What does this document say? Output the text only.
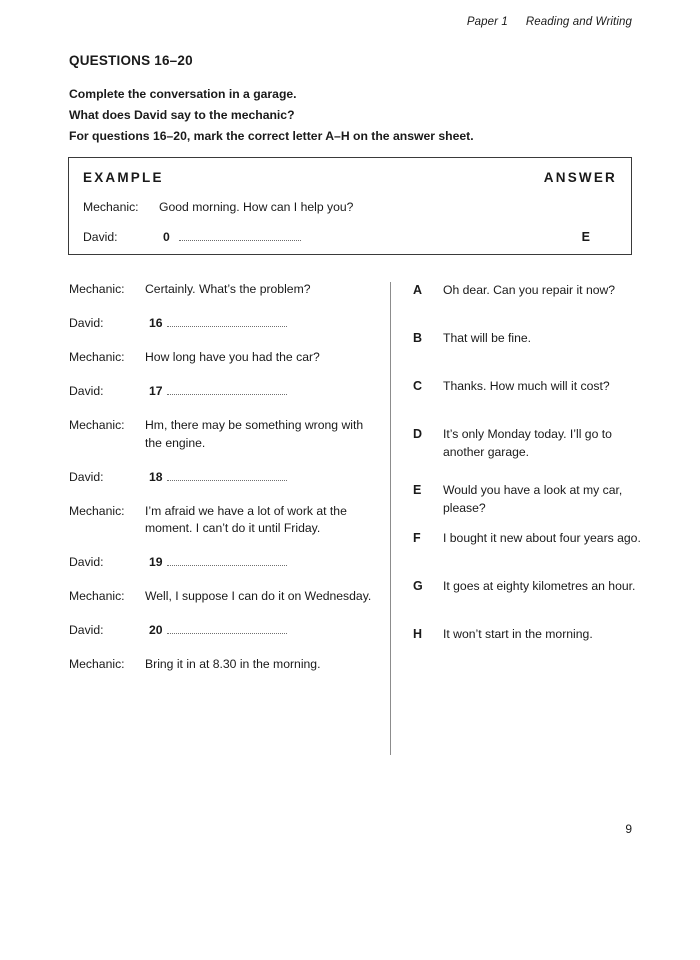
Paper 1 Reading and Writing
QUESTIONS 16–20
Complete the conversation in a garage.
What does David say to the mechanic?
For questions 16–20, mark the correct letter A–H on the answer sheet.
EXAMPLE	ANSWER
Mechanic: Good morning. How can I help you?
David:	0	E
Mechanic: Certainly. What’s the problem?
David:	16
Mechanic: How long have you had the car?
David:	17
Mechanic: Hm, there may be something wrong with the engine.
David:	18
Mechanic: I’m afraid we have a lot of work at the moment. I can’t do it until Friday.
David:	19
Mechanic: Well, I suppose I can do it on Wednesday.
David:	20
Mechanic: Bring it in at 8.30 in the morning.
A Oh dear. Can you repair it now?
B That will be fine.
C Thanks. How much will it cost?
D It’s only Monday today. I’ll go to another garage.
E Would you have a look at my car, please?
F I bought it new about four years ago.
G It goes at eighty kilometres an hour.
H It won’t start in the morning.
9
